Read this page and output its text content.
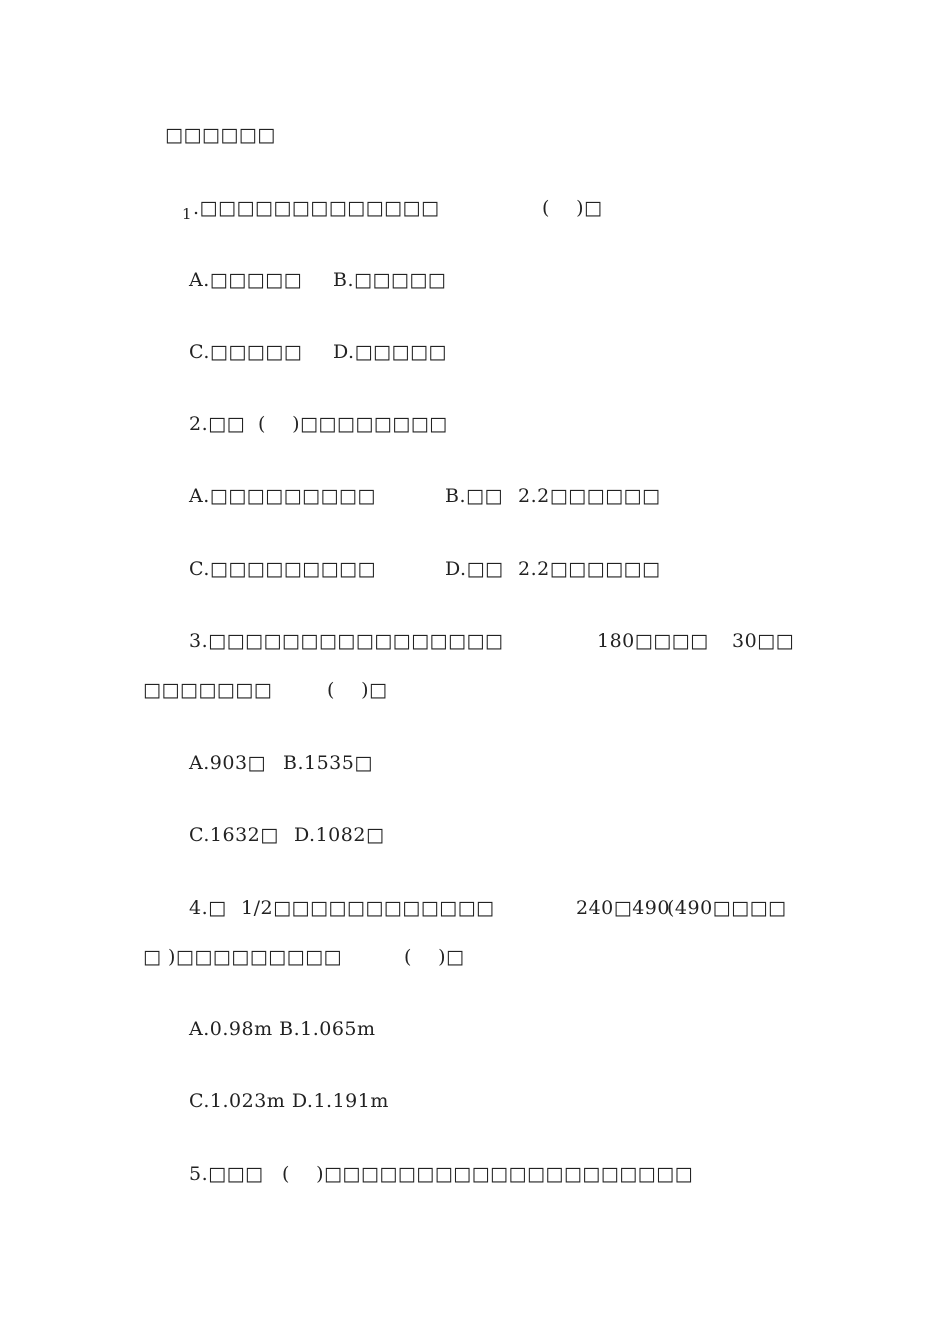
□□□□□□
1 .□□□□□□□□□□□□□	(    )□
A.□□□□□ B.□□□□□
C.□□□□□ D.□□□□□
2.□□ (    )□□□□□□□□
A.□□□□□□□□□	B.□□ 2.2□□□□□□
C.□□□□□□□□□	D.□□ 2.2□□□□□□
3.□□□□□□□□□□□□□□□□	180□□□□ 30□□
□□□□□□□	(    )□
A.903□ B.1535□
C.1632□ D.1082□
4.□ 1/2□□□□□□□□□□□□	240□490
(490□□□□
□ )□□□□□□□□□	(    )□
A.0.98m B.1.065m
C.1.023m D.1.191m
5.□□□ (    )□□□□□□□□□□□□□□□□□□□□
